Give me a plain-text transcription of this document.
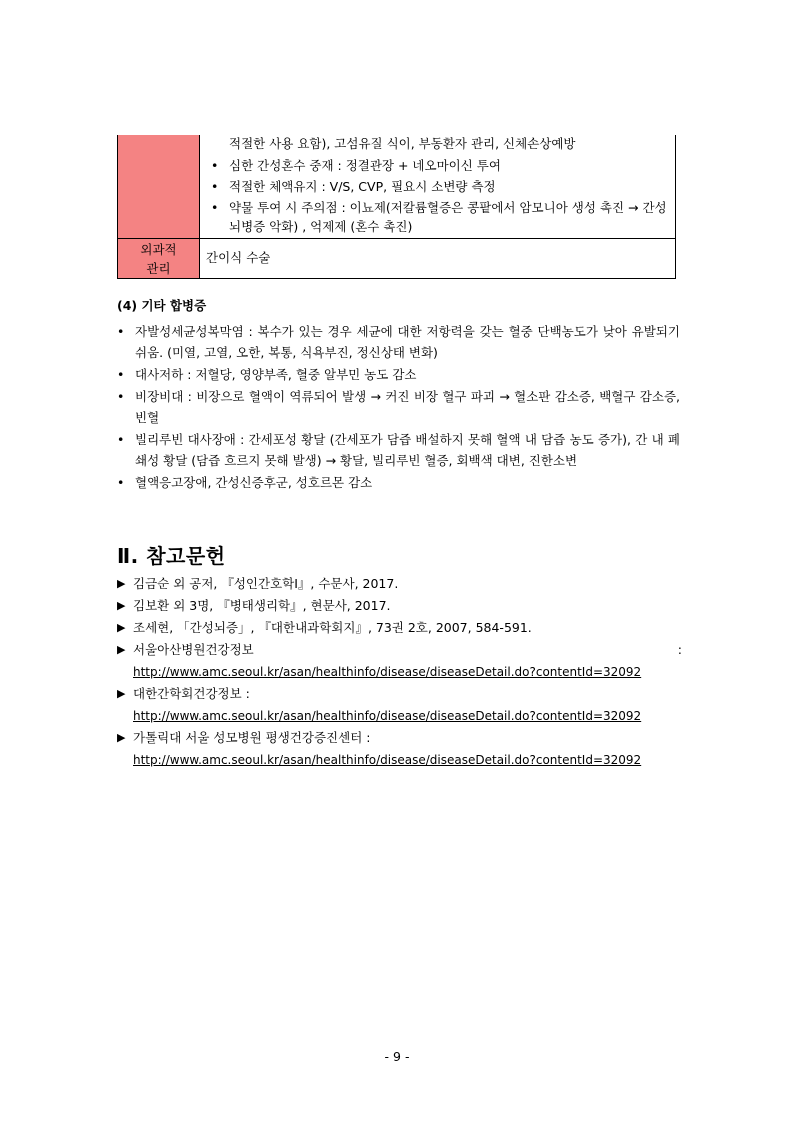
적절한 사용 요함), 고섬유질 식이, 부동환자 관리, 신체손상예방
• 심한 간성혼수 중재 : 정결관장 + 네오마이신 투여
• 적절한 체액유지 : V/S, CVP, 필요시 소변량 측정
• 약물 투여 시 주의점 : 이뇨제(저칼륨혈증은 콩팥에서 암모니아 생성 촉진 → 간성뇌병증 악화) , 억제제 (혼수 촉진)
외과적
관리
간이식 수술
(4) 기타 합병증
• 자발성세균성복막염 : 복수가 있는 경우 세균에 대한 저항력을 갖는 혈중 단백농도가 낮아 유발되기 쉬움. (미열, 고열, 오한, 복통, 식욕부진, 정신상태 변화)
• 대사저하 : 저혈당, 영양부족, 혈중 알부민 농도 감소
• 비장비대 : 비장으로 혈액이 역류되어 발생 → 커진 비장 혈구 파괴 → 혈소판 감소증, 백혈구 감소증, 빈혈
• 빌리루빈 대사장애 : 간세포성 황달 (간세포가 담즙 배설하지 못해 혈액 내 담즙 농도 증가), 간 내 폐쇄성 황달 (담즙 흐르지 못해 발생) → 황달, 빌리루빈 혈증, 회백색 대변, 진한소변
• 혈액응고장애, 간성신증후군, 성호르몬 감소
Ⅱ. 참고문헌
▶ 김금순 외 공저, 『성인간호학Ⅰ』, 수문사, 2017.
▶ 김보환 외 3명, 『병태생리학』, 현문사, 2017.
▶ 조세현, 「간성뇌증」, 『대한내과학회지』, 73권 2호, 2007, 584-591.
▶ 서울아산병원건강정보	:

http://www.amc.seoul.kr/asan/healthinfo/disease/diseaseDetail.do?contentId=32092
▶ 대한간학회건강정보 :
http://www.amc.seoul.kr/asan/healthinfo/disease/diseaseDetail.do?contentId=32092
▶ 가톨릭대 서울 성모병원 평생건강증진센터 :
http://www.amc.seoul.kr/asan/healthinfo/disease/diseaseDetail.do?contentId=32092
- 9 -
